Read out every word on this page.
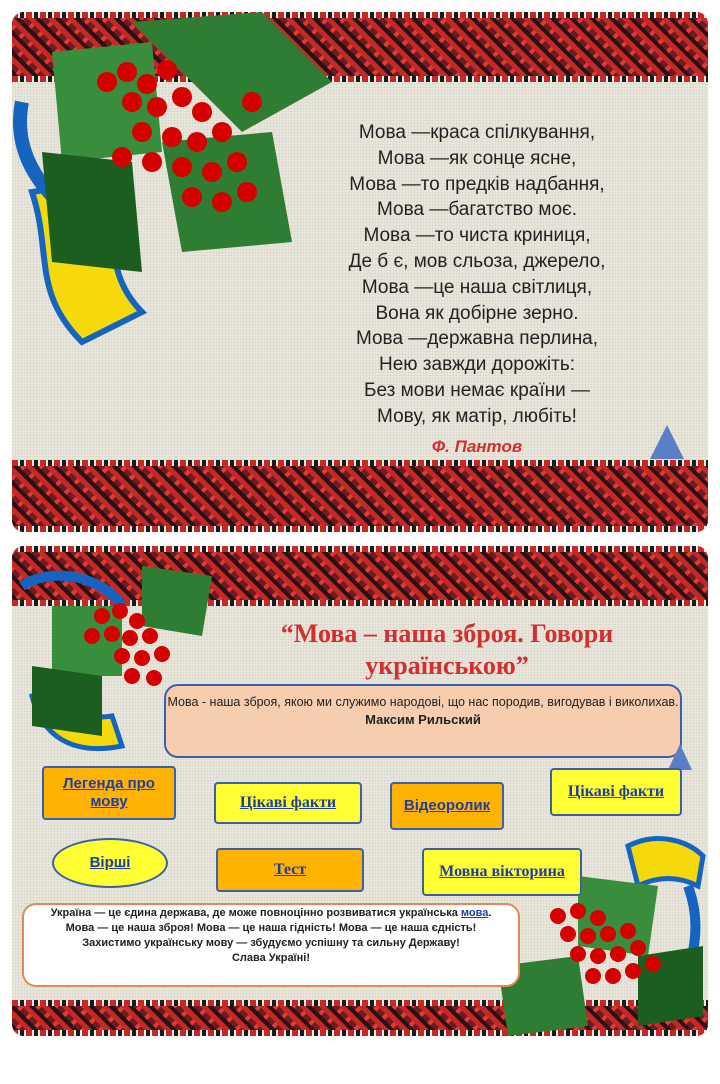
Мова —краса спілкування,
Мова —як сонце ясне,
Мова —то предків надбання,
Мова —багатство моє.
Мова —то чиста криниця,
Де б є, мов сльоза, джерело,
Мова —це наша світлиця,
Вона як добірне зерно.
Мова —державна перлина,
Нею завжди дорожіть:
Без мови немає країни —
Мову, як матір, любіть!
Ф. Пантов
“Мова – наша зброя. Говори
українською”
Мова - наша зброя, якою ми служимо народові, що нас породив, вигодував і виколихав.
Максим Рильский
Легенда про мову	Цікаві факти	Відеоролик
Цікаві факти
Вірші	Тест	Мовна вікторина
Україна — це єдина держава, де може повноцінно розвиватися українська мова.
Мова — це наша зброя! Мова — це наша гідність! Мова — це наша єдність!
Захистимо українську мову — збудуємо успішну та сильну Державу!
Слава Україні!
